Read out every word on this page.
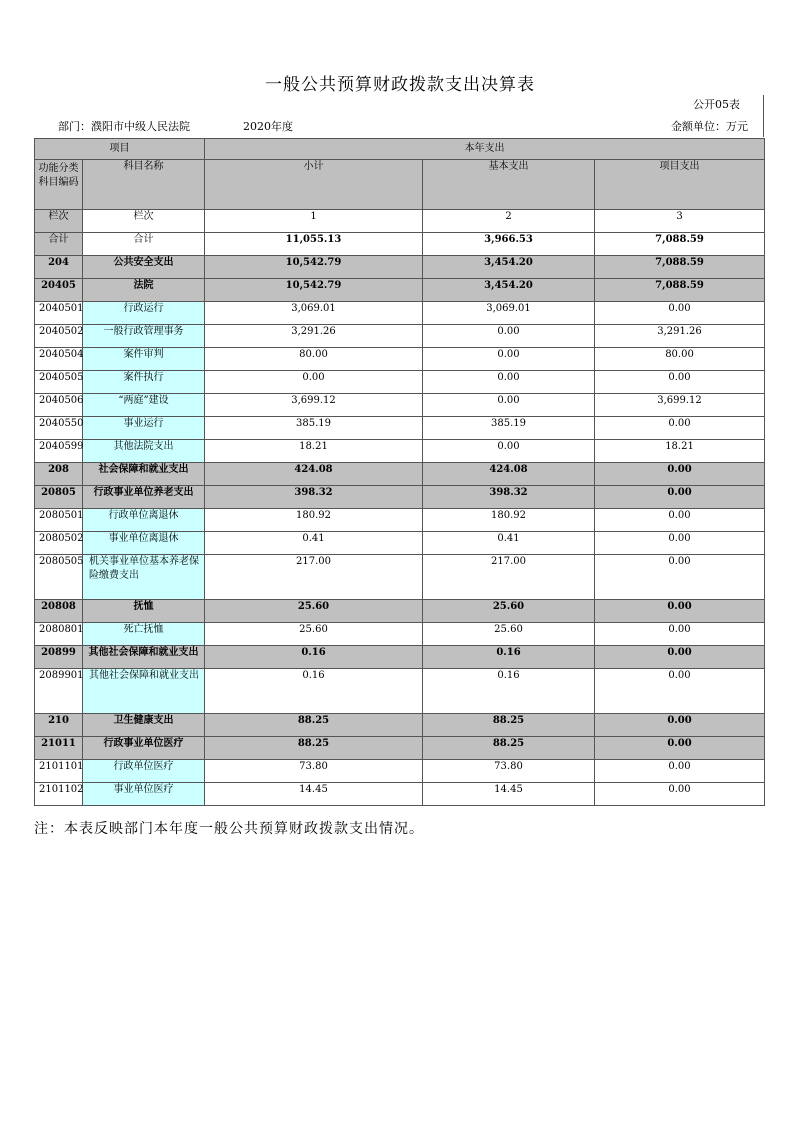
一般公共预算财政拨款支出决算表
公开05表
部门：濮阳市中级人民法院	2020年度	金额单位：万元
项目		本年支出		
功能分类
科目编码	科目名称	小计	基本支出	项目支出
栏次	栏次	1	2	3
合计	合计	11,055.13	3,966.53	7,088.59
204	公共安全支出	10,542.79	3,454.20	7,088.59
20405	法院	10,542.79	3,454.20	7,088.59
2040501	行政运行	3,069.01	3,069.01	0.00
2040502	一般行政管理事务	3,291.26	0.00	3,291.26
2040504	案件审判	80.00	0.00	80.00
2040505	案件执行	0.00	0.00	0.00
2040506	“两庭”建设	3,699.12	0.00	3,699.12
2040550	事业运行	385.19	385.19	0.00
2040599	其他法院支出	18.21	0.00	18.21
208	社会保障和就业支出	424.08	424.08	0.00
20805	行政事业单位养老支出	398.32	398.32	0.00
2080501	行政单位离退休	180.92	180.92	0.00
2080502	事业单位离退休	0.41	0.41	0.00
2080505	机关事业单位基本养老保险缴费支出	217.00	217.00	0.00
20808	抚恤	25.60	25.60	0.00
2080801	死亡抚恤	25.60	25.60	0.00
20899	其他社会保障和就业支出	0.16	0.16	0.00
2089901	其他社会保障和就业支出	0.16	0.16	0.00
210	卫生健康支出	88.25	88.25	0.00
21011	行政事业单位医疗	88.25	88.25	0.00
2101101	行政单位医疗	73.80	73.80	0.00
2101102	事业单位医疗	14.45	14.45	0.00
注：本表反映部门本年度一般公共预算财政拨款支出情况。
